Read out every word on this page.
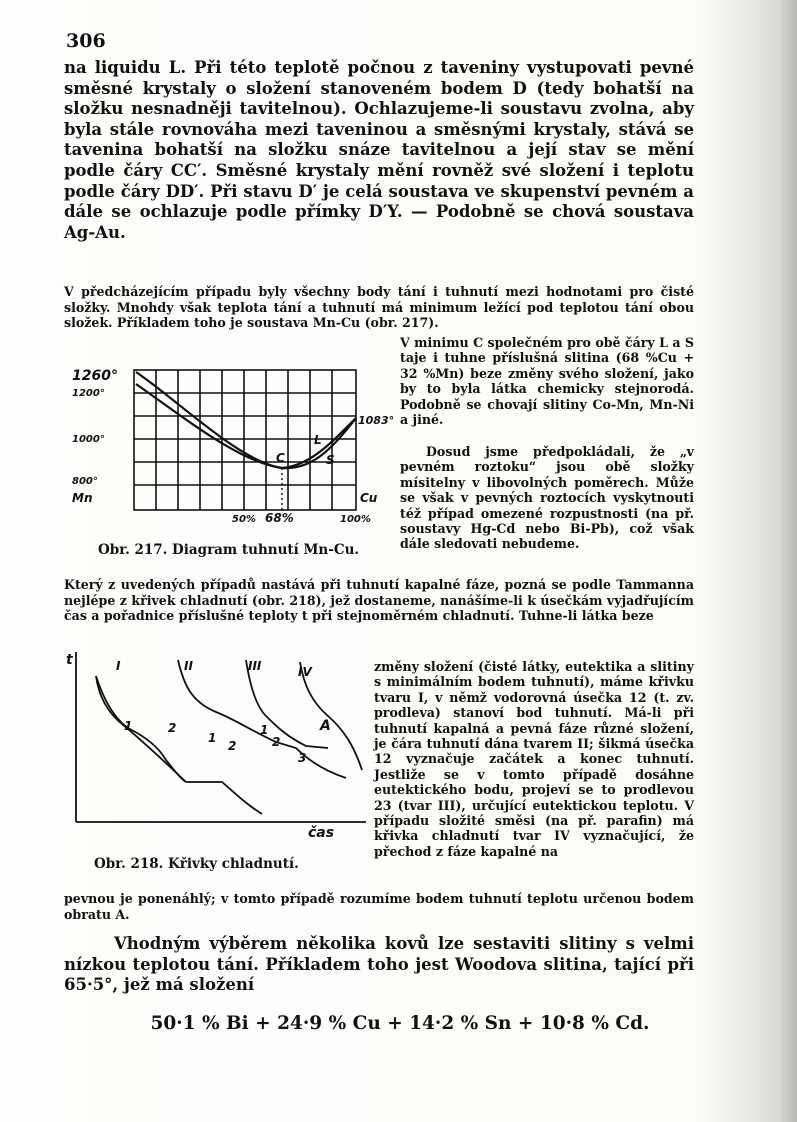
306

na liquidu L. Při této teplotě počnou z taveniny vystupovati pevné směsné krystaly o složení stanoveném bodem D (tedy bohatší na složku nesnadněji tavitelnou). Ochlazujeme-li soustavu zvolna, aby byla stále rovnováha mezi taveninou a směsnými krystaly, stává se tavenina bohatší na složku snáze tavitelnou a její stav se mění podle čáry CC′. Směsné krystaly mění rovněž své složení i teplotu podle čáry DD′. Při stavu D′ je celá soustava ve skupenství pevném a dále se ochlazuje podle přímky D′Y. — Podobně se chová soustava Ag-Au.

V předcházejícím případu byly všechny body tání i tuhnutí mezi hodnotami pro čisté složky. Mnohdy však teplota tání a tuhnutí má minimum ležící pod teplotou tání obou složek. Příkladem toho je soustava Mn-Cu (obr. 217).

1260°
1200°
1000°
800°
Mn
1083°
Cu
50% 68%	100%
L
S
C
Obr. 217. Diagram tuhnutí Mn-Cu.

V minimu C společném pro obě čáry L a S taje i tuhne příslušná slitina (68 %Cu + 32 %Mn) beze změny svého složení, jako by to byla látka chemicky stejnorodá. Podobně se chovají slitiny Co-Mn, Mn-Ni a jiné.

Dosud jsme předpokládali, že „v pevném roztoku“ jsou obě složky mísitelny v libovolných poměrech. Může se však v pevných roztocích vyskytnouti též případ omezené rozpustnosti (na př. soustavy Hg-Cd nebo Bi-Pb), což však dále sledovati nebudeme.

Který z uvedených případů nastává při tuhnutí kapalné fáze, pozná se podle Tammanna nejlépe z křivek chladnutí (obr. 218), jež dostaneme, nanášíme-li k úsečkám vyjadřujícím čas a pořadnice příslušné teploty t při stejnoměrném chladnutí. Tuhne-li látka beze

t
čas
I	II	III	IV
1	2
1
2
1
2
3
A
Obr. 218. Křivky chladnutí.

změny složení (čisté látky, eutektika a slitiny s minimálním bodem tuhnutí), máme křivku tvaru I, v němž vodorovná úsečka 12 (t. zv. prodleva) stanoví bod tuhnutí. Má-li při tuhnutí kapalná a pevná fáze různé složení, je čára tuhnutí dána tvarem II; šikmá úsečka 12 vyznačuje začátek a konec tuhnutí. Jestliže se v tomto případě dosáhne eutektického bodu, projeví se to prodlevou 23 (tvar III), určující eutektickou teplotu. V případu složité směsi (na př. parafin) má křivka chladnutí tvar IV vyznačující, že přechod z fáze kapalné na

pevnou je ponenáhlý; v tomto případě rozumíme bodem tuhnutí teplotu určenou bodem obratu A.

Vhodným výběrem několika kovů lze sestaviti slitiny s velmi nízkou teplotou tání. Příkladem toho jest Woodova slitina, tající při 65·5°, jež má složení

50·1 % Bi + 24·9 % Cu + 14·2 % Sn + 10·8 % Cd.
